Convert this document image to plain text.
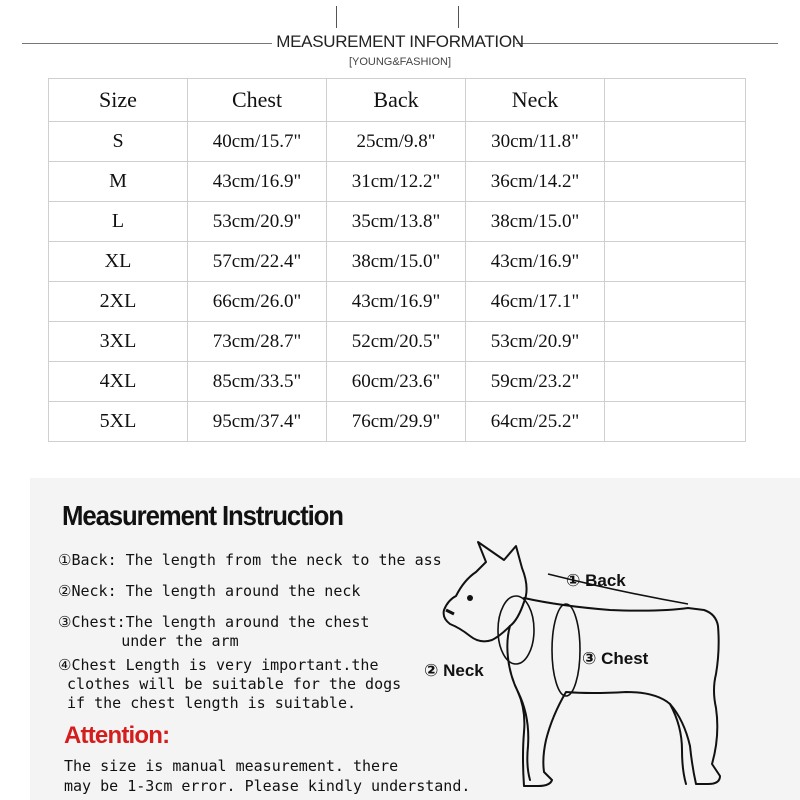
MEASUREMENT INFORMATION
[YOUNG&FASHION]
Size	Chest	Back	Neck	
S	40cm/15.7"	25cm/9.8"	30cm/11.8"	
M	43cm/16.9"	31cm/12.2"	36cm/14.2"	
L	53cm/20.9"	35cm/13.8"	38cm/15.0"	
XL	57cm/22.4"	38cm/15.0"	43cm/16.9"	
2XL	66cm/26.0"	43cm/16.9"	46cm/17.1"	
3XL	73cm/28.7"	52cm/20.5"	53cm/20.9"	
4XL	85cm/33.5"	60cm/23.6"	59cm/23.2"	
5XL	95cm/37.4"	76cm/29.9"	64cm/25.2"	
Measurement Instruction
①Back: The length from the neck to the ass
②Neck: The length around the neck
③Chest:The length around the chest
under the arm
④Chest Length is very important.the
clothes will be suitable for the dogs
if the chest length is suitable.
① Back
② Neck
③ Chest
Attention:
The size is manual measurement. there
may be 1-3cm error. Please kindly understand.
